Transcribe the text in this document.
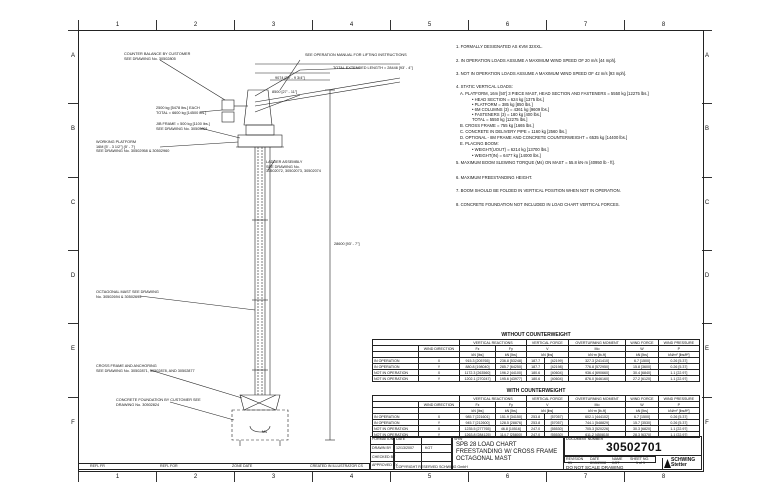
1	2	3	4	5	6	7	8
1	2	3	4	5	6	7	8
A
B
C
D
E
F
A
B
C
D
E
F
COUNTER BALANCE BY CUSTOMER
SEE DRAWING No. 30502805
SEE OPERATION MANUAL FOR LIFTING INSTRUCTIONS
TOTAL EXTENDED LENGTH = 28446 [93' - 4"]
9074 [29' - 9 3/4"]
8500 [27' - 11"]
2500 kg [5478 lbs.] EACH
TOTAL = 6600 kg [14500 lbs.]
JIB FRAME = 500 kg [1100 lbs.]
SEE DRAWING No. 30505891
WORKING PLATFORM
16M [5' - 3 1/2"] (5' - 7')
SEE DRAWING No. 30502958 & 30502960
LADDER ASSEMBLY
SEE DRAWING No.
30502072, 30502073, 30502074
28600 [93' - 7"]
OCTAGONAL MAST SEE DRAWING
No. 30502694 & 30502695
CROSS FRAME AND ANCHORING
SEE DRAWING No. 30502871, 30502878, AND 30502877
CONCRETE FOUNDATION BY CUSTOMER SEE
DRAWING No. 30502824
Ms
1. FORMALLY DESIGNATED AS KVM 32XXL.
2. IN OPERATION LOADS ASSUME A MAXIMUM WIND SPEED OF 20 m/s [44 mph].
3. NOT IN OPERATION LOADS ASSUME A MAXIMUM WIND SPEED OF 42 m/s [93 mph].
4. STATIC VERTICAL LOADS:
A. PLATFORM, 16m [50'] 3 PIECE MAST, HEAD SECTION AND FASTENERS = 5550 kg [12275 lbs.]
• HEAD SECTION = 624 kg [1375 lbs.]
• PLATFORM = 385 kg [850 lbs.]
• 6M COLUMNS (3) = 4361 kg [9609 lbs.]
• FASTENERS (3) = 180 kg [400 lbs.]
TOTAL = 5550 kg [12275 lbs.]
B. CROSS FRAME = 755 kg [1665 lbs.]
C. CONCRETE IN DELIVERY PIPE = 1160 kg [2560 lbs.]
D. OPTIONAL - 8M FRAME AND CONCRETE COUNTERWEIGHT = 6535 kg [14400 lbs.]
E. PLACING BOOM:
• WEIGHT(UOUT) = 6214 kg [13700 lbs.]
• WEIGHT(IN) = 6477 kg [14000 lbs.]
5. MAXIMUM BOOM SLEWING TORQUE (Ms) ON MAST = 55.8 kN·m [40950 lb - ft].
6. MAXIMUM FREESTANDING HEIGHT.
7. BOOM SHOULD BE FOLDED IN VERTICAL POSITION WHEN NOT IN OPERATION.
8. CONCRETE FOUNDATION NOT INCLUDED IN LOAD CHART VERTICAL FORCES.
WITHOUT COUNTERWEIGHT
		VERTICAL REACTIONS		VERTICAL FORCE		OVERTURNING MOMENT	WIND FORCE	WIND PRESSURE
	WIND DIRECTION	Fz	Fy	V		Mo	W	P
		kN [lbs]	kN [lbs]	kN [lbs]		kN·m [lb-ft]	kN [lbs]	kN/m² [lbs/ft²]
IN OPERATION	X	915.3 [205765]	236.8 [53248]	187.7	[42199]	327.3 [241410]	6.7 [1500]	0.26 [5.37]
IN OPERATION	Y	880.8 [198040]	285.7 [64250]	187.7	[42198]	776.8 [572950]	15.8 [3600]	0.26 [5.37]
NOT IN OPERATION	X	1172.3 [263560]	196.2 [44100]	180.6	[40604]	936.4 [690660]	30.4 [6840]	1.1 [22.97]
NOT IN OPERATION	Y	1202.1 [270247]	195.6 [43977]	180.6	[40604]	876.0 [646160]	27.2 [6120]	1.1 [22.97]
WITH COUNTERWEIGHT
		VERTICAL REACTIONS		VERTICAL FORCE		OVERTURNING MOMENT	WIND FORCE	WIND PRESSURE
	WIND DIRECTION	Fz	Fy	V		Mo	W	P
		kN [lbs]	kN [lbs]	kN [lbs]		kN·m [lb-ft]	kN [lbs]	kN/m² [lbs/ft²]
IN OPERATION	X	985.7 [221601]	151.9 [34150]	253.8	[57057]	602.1 [444102]	6.7 [1500]	0.26 [5.37]
IN OPERATION	Y	945.7 [212600]	128.5 [28876]	253.8	[57057]	744.1 [548829]	15.7 [3530]	0.26 [5.37]
NOT IN OPERATION	X	1235.5 [277765]	46.8 [10516]	247.0	[55530]	705.3 [520226]	30.3 [6820]	1.1 [22.97]
NOT IN OPERATION	Y	1263.8 [284125]	114.7 [25800]	247.0	[55530]	611.2 [450815]	28.3 [6370]	1.1 [22.97]
FORMATION DATE
DRAWN BY 12/13/2007	KGT
CHECKED BY
APPROVED BY
SHW
SPB 28 LOAD CHART
FREESTANDING W/ CROSS FRAME
OCTAGONAL MAST
COPYRIGHT RESERVED SCHWING GmbH
DOCUMENT NUMBER
30502701
REVISION DATE	NAME SHEET NO.
01	8/15/2008 KGT	1 of 1
DO NOT SCALE DRAWING
SCHWING
Stetter
REFL FR	REFL FOR	ZONE DATE	CREATED IN ILLUSTRATOR CS
